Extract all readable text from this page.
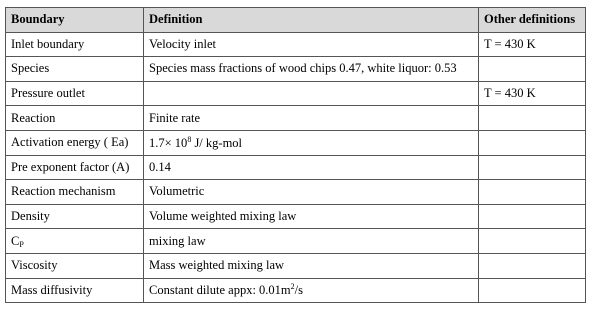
Boundary	Definition	Other definitions
Inlet boundary	Velocity inlet	T = 430 K
Species	Species mass fractions of wood chips 0.47, white liquor: 0.53	
Pressure outlet		T = 430 K
Reaction	Finite rate	
Activation energy ( Ea)	$1.7\times 10^8$ J/ kg-mol	
Pre exponent factor (A)	0.14	
Reaction mechanism	Volumetric	
Density	Volume weighted mixing law	
$C_P$	mixing law	
Viscosity	Mass weighted mixing law	
Mass diffusivity	Constant dilute appx: $0.01m^2/s$	
